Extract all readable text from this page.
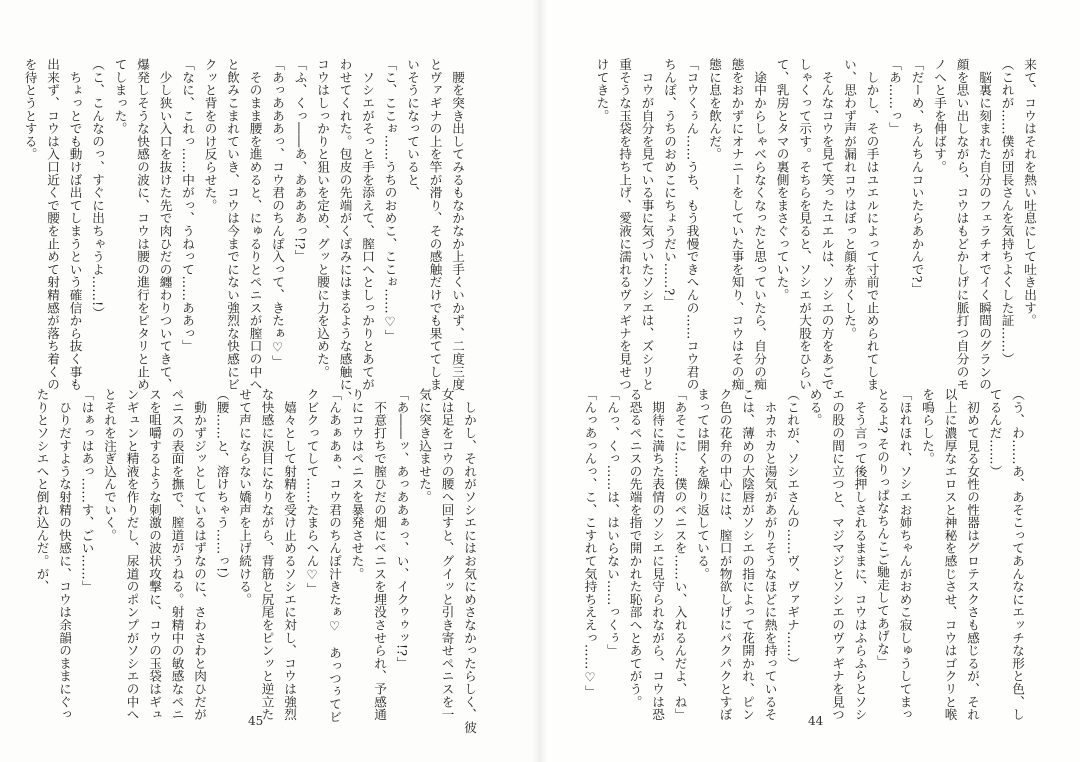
　腰を突き出してみるもなかなか上手くいかず、二度三度

とヴァギナの上を竿が滑り、その感触だけでも果ててしま

いそうになっていると、

「こ、ここぉ……うちのおめこ、ここぉ……♡」

　ソシエがそっと手を添えて、膣口へとしっかりとあてが

わせてくれた。包皮の先端がくぽみにはまるような感触に、

コウはしっかりと狙いを定め、グッと腰に力を込めた。

「ふ、くっ――あ、ああああっ!?」

「あっあああっ、コウ君のちんぽ入って、きたぁ♡」

　そのまま腰を進めると、にゅるりとペニスが膣口の中へ

と飲みこまれていき、コウは今までにない強烈な快感にビ

クッと背をのけ反らせた。

「なに、これっ……中がっ、うねって……ああっ」

　少し狭い入口を抜けた先で肉ひだの纏わりついてきて、

爆発しそうな快感の波に、コウは腰の進行をピタリと止め

てしまった。

（こ、こんなのっ、すぐに出ちゃうよ……!）

　ちょっとでも動けば出てしまうという確信から抜く事も

出来ず、コウは入口近くで腰を止めて射精感が落ち着くの

を待とうとする。

　しかし、それがソシエにはお気にめさなかったらしく、彼

女は足をコウの腰へ回すと、グイッと引き寄せペニスを一

気に突き込ませた。

「あ――ッ、あっああぁっ、い、イクゥゥッ!?」

　不意打ちで膣ひだの畑にペニスを埋没させられ、予感通

りにコウはペニスを暴発させた。

「んあぁあぁ、コウ君のちんぽ汁きたぁ♡　あっつぅてビ

クビクってして……たまらへん♡」

　嬉々として射精を受け止めるソシエに対し、コウは強烈

な快感に涙目になりながら、背筋と尻尾をピンッと逆立た

せて声にならない嬌声を上げ続ける。

（腰……と、溶けちゃう……っ!）

　動かずジッとしているはずなのに、さわさわと肉ひだが

ペニスの表面を撫で、膣道がうねる。射精中の敏感なペニ

スを咀嚼するような刺激の波状攻撃に、コウの玉袋はギュ

ンギュンと精液を作りだし、尿道のポンプがソシエの中へ

とそれを注ぎ込んでいく。

「はぁっはあっ……す、ごい……」

　ひりだすような射精の快感に、コウは余韻のままにぐっ

たりとソシエへと倒れ込んだ。が、

45

来て、コウはそれを熱い吐息にして吐き出す。

（これが……僕が団長さんを気持ちよくした証……）

　脳裏に刻まれた自分のフェラチオでイく瞬間のグランの

顔を思い出しながら、コウはもどかしげに脈打つ自分のモ

ノへと手を伸ばす。

「だーめ、ちんちんコいたらあかんで?」

「あ……っ」

　しかし、その手はユエルによって寸前で止められてしま

い、思わず声が漏れコウはぼっと顔を赤くした。

　そんなコウを見て笑ったユエルは、ソシエの方をあごで

しゃくって示す。そちらを見ると、ソシエが大股をひらい

て、乳房とタマの裏側をまさぐっていた。

　途中からしゃべらなくなったと思っていたら、自分の痴

態をおかずにオナニーをしていた事を知り、コウはその痴

態に息を飲んだ。

「コウくぅん……うち、もう我慢できへんの……コウ君の

ちんぽ、うちのおめこにちょうだい……?」

　コウが自分を見ている事に気づいたソシエは、ズシリと

重そうな玉袋を持ち上げ、愛液に濡れるヴァギナを見せつ

けてきた。

（う、わ……あ、あそこってあんなにエッチな形と色、し

てるんだ……）

　初めて見る女性の性器はグロテスクさも感じるが、それ

以上に濃厚なエロスと神秘を感じさせ、コウはゴクリと喉

を鳴らした。

「ほれほれ、ソシエお姉ちゃんがおめこ寂しゅうしてまっ

とるよ? そのりっぱなちんこご馳走してあげな」

　そう言って後押しされるままに、コウはふらふらとソシ

エの股の間に立つと、マジマジとソシエのヴァギナを見つ

める。

（これが、ソシエさんの……ヴ、ヴァギナ……）

　ホカホカと湯気があがりそうなほどに熱を持っているそ

こは、薄めの大陰唇がソシエの指によって花開かれ、ピン

ク色の花弁の中心には、膣口が物欲しげにパクパクとすぼ

まっては開くを繰り返している。

「あそこに……僕のペニスを……い、入れるんだよ、ね」

　期待に満ちた表情のソシエに見守られながら、コウは恐

る恐るペニスの先端を指で開かれた恥部へとあてがう。

「んっ、くっ……は、はいらない……っくぅ」

「んっあっんっ、こ、こすれて気持ちええっ……♡」

44
